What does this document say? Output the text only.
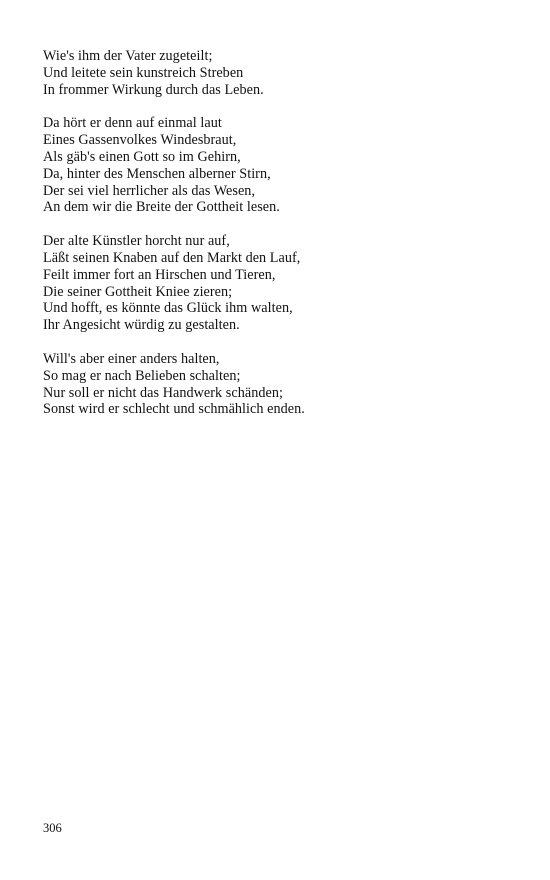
Wie's ihm der Vater zugeteilt;
Und leitete sein kunstreich Streben
In frommer Wirkung durch das Leben.
Da hört er denn auf einmal laut
Eines Gassenvolkes Windesbraut,
Als gäb's einen Gott so im Gehirn,
Da, hinter des Menschen alberner Stirn,
Der sei viel herrlicher als das Wesen,
An dem wir die Breite der Gottheit lesen.
Der alte Künstler horcht nur auf,
Läßt seinen Knaben auf den Markt den Lauf,
Feilt immer fort an Hirschen und Tieren,
Die seiner Gottheit Kniee zieren;
Und hofft, es könnte das Glück ihm walten,
Ihr Angesicht würdig zu gestalten.
Will's aber einer anders halten,
So mag er nach Belieben schalten;
Nur soll er nicht das Handwerk schänden;
Sonst wird er schlecht und schmählich enden.
306
